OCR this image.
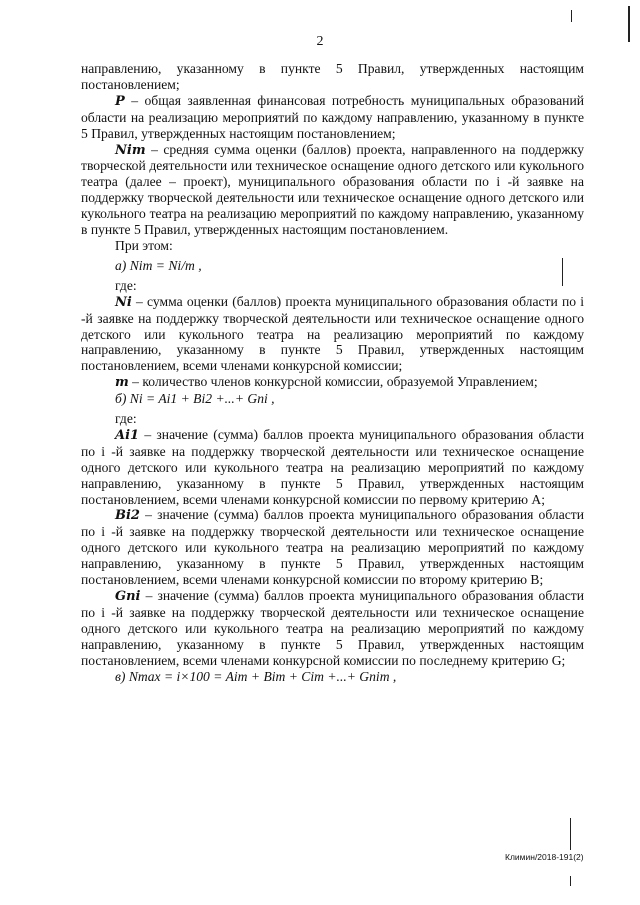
2

направлению, указанному в пункте 5 Правил, утвержденных настоящим постановлением;

P – общая заявленная финансовая потребность муниципальных образований области на реализацию мероприятий по каждому направлению, указанному в пункте 5 Правил, утвержденных настоящим постановлением;

Nim – средняя сумма оценки (баллов) проекта, направленного на поддержку творческой деятельности или техническое оснащение одного детского или кукольного театра (далее – проект), муниципального образования области по i -й заявке на поддержку творческой деятельности или техническое оснащение одного детского или кукольного театра на реализацию мероприятий по каждому направлению, указанному в пункте 5 Правил, утвержденных настоящим постановлением.

При этом:

а) Nim = Ni/m ,

где:

Ni – сумма оценки (баллов) проекта муниципального образования области по i -й заявке на поддержку творческой деятельности или техническое оснащение одного детского или кукольного театра на реализацию мероприятий по каждому направлению, указанному в пункте 5 Правил, утвержденных настоящим постановлением, всеми членами конкурсной комиссии;

m – количество членов конкурсной комиссии, образуемой Управлением;

б) Ni = Ai1 + Bi2 +...+ Gni ,

где:

Ai1 – значение (сумма) баллов проекта муниципального образования области по i -й заявке на поддержку творческой деятельности или техническое оснащение одного детского или кукольного театра на реализацию мероприятий по каждому направлению, указанному в пункте 5 Правил, утвержденных настоящим постановлением, всеми членами конкурсной комиссии по первому критерию А;

Bi2 – значение (сумма) баллов проекта муниципального образования области по i -й заявке на поддержку творческой деятельности или техническое оснащение одного детского или кукольного театра на реализацию мероприятий по каждому направлению, указанному в пункте 5 Правил, утвержденных настоящим постановлением, всеми членами конкурсной комиссии по второму критерию В;

Gni – значение (сумма) баллов проекта муниципального образования области по i -й заявке на поддержку творческой деятельности или техническое оснащение одного детского или кукольного театра на реализацию мероприятий по каждому направлению, указанному в пункте 5 Правил, утвержденных настоящим постановлением, всеми членами конкурсной комиссии по последнему критерию G;

в) Nmax = i×100 = Aim + Bim + Cim +...+ Gnim ,

Климин/2018-191(2)
